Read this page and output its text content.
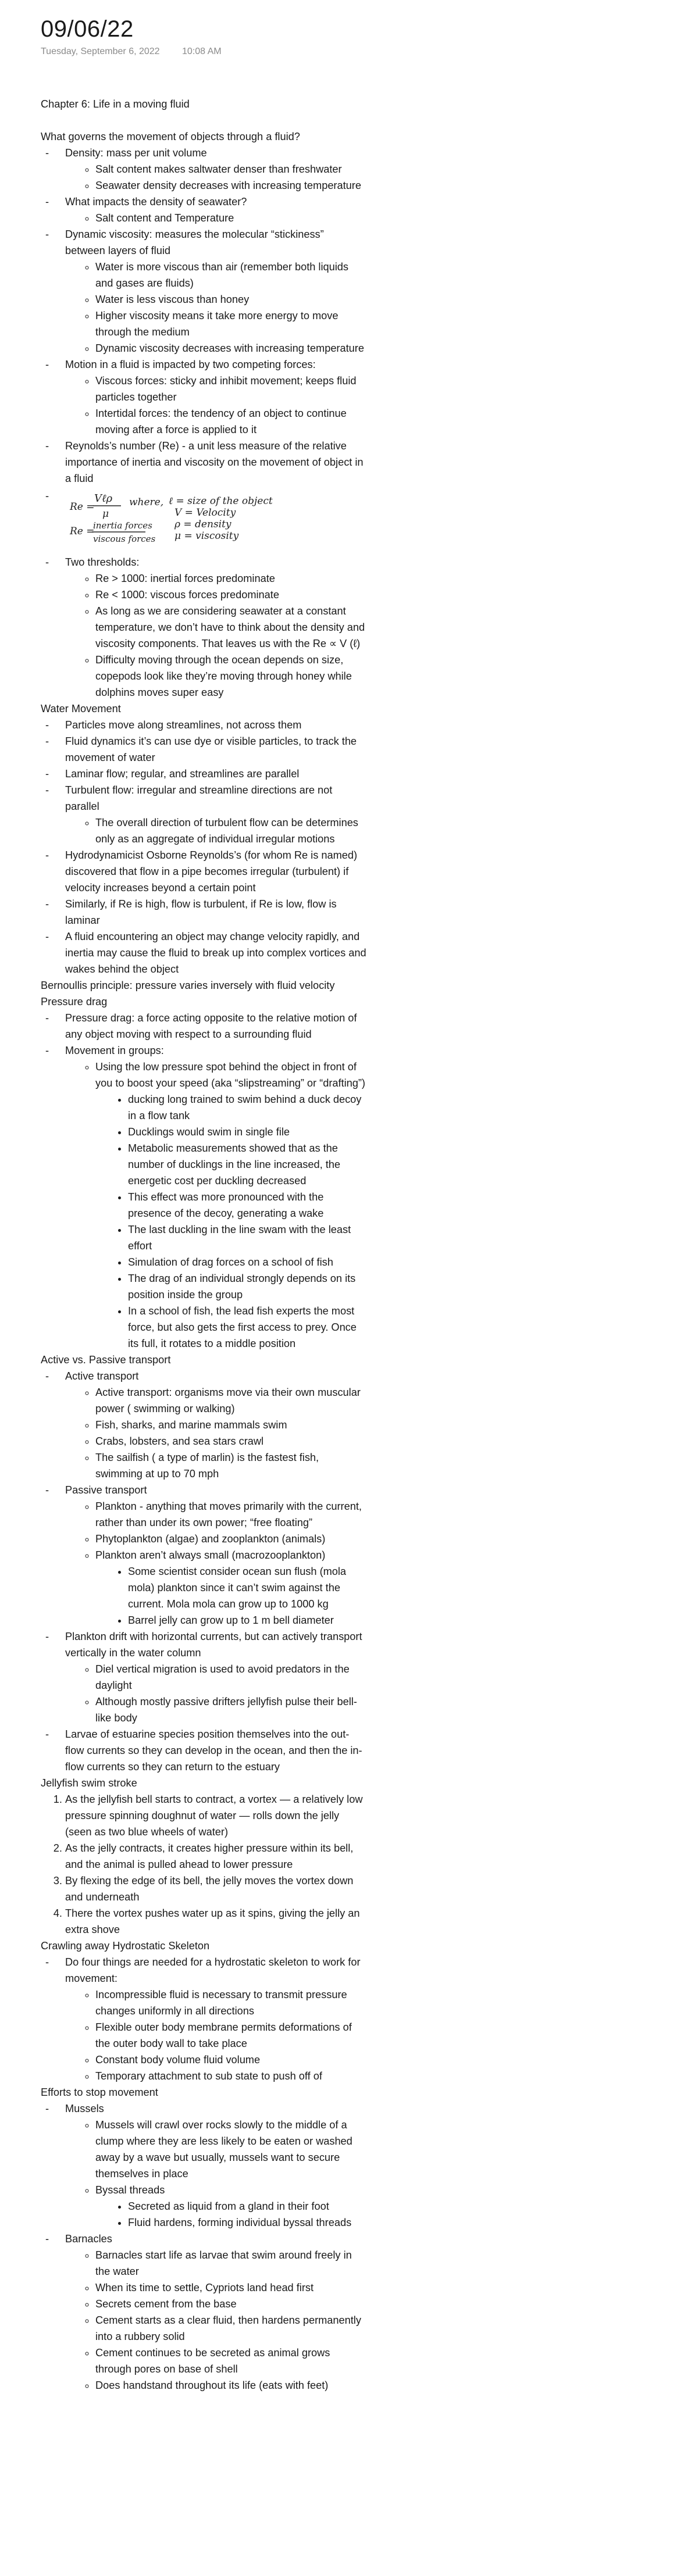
09/06/22
Tuesday, September 6, 2022 10:08 AM

Chapter 6: Life in a moving fluid

What governs the movement of objects through a fluid?

- Density: mass per unit volume
◦ Salt content makes saltwater denser than freshwater
◦ Seawater density decreases with increasing temperature
- What impacts the density of seawater?
◦ Salt content and Temperature
- Dynamic viscosity: measures the molecular “stickiness” between layers of fluid
◦ Water is more viscous than air (remember both liquids and gases are fluids)
◦ Water is less viscous than honey
◦ Higher viscosity means it take more energy to move through the medium
◦ Dynamic viscosity decreases with increasing temperature
- Motion in a fluid is impacted by two competing forces:
◦ Viscous forces: sticky and inhibit movement; keeps fluid particles together
◦ Intertidal forces: the tendency of an object to continue moving after a force is applied to it
- Reynolds’s number (Re) - a unit less measure of the relative importance of inertia and viscosity on the movement of object in a fluid
- Re =
Vℓρ
μ
where, ℓ = size of the object
V = Velocity
ρ = density
μ = viscosity
Re =
inertia forces
viscous forces
- Two thresholds:
◦ Re > 1000: inertial forces predominate
◦ Re < 1000: viscous forces predominate
◦ As long as we are considering seawater at a constant temperature, we don’t have to think about the density and viscosity components. That leaves us with the Re ∝ V (ℓ)
◦ Difficulty moving through the ocean depends on size, copepods look like they’re moving through honey while dolphins moves super easy

Water Movement

- Particles move along streamlines, not across them
- Fluid dynamics it’s can use dye or visible particles, to track the movement of water
- Laminar flow; regular, and streamlines are parallel
- Turbulent flow: irregular and streamline directions are not parallel
◦ The overall direction of turbulent flow can be determines only as an aggregate of individual irregular motions
- Hydrodynamicist Osborne Reynolds’s (for whom Re is named) discovered that flow in a pipe becomes irregular (turbulent) if velocity increases beyond a certain point
- Similarly, if Re is high, flow is turbulent, if Re is low, flow is laminar
- A fluid encountering an object may change velocity rapidly, and inertia may cause the fluid to break up into complex vortices and wakes behind the object

Bernoullis principle: pressure varies inversely with fluid velocity

Pressure drag

- Pressure drag: a force acting opposite to the relative motion of any object moving with respect to a surrounding fluid
- Movement in groups:
◦ Using the low pressure spot behind the object in front of you to boost your speed (aka “slipstreaming” or “drafting”)
• ducking long trained to swim behind a duck decoy in a flow tank
• Ducklings would swim in single file
• Metabolic measurements showed that as the number of ducklings in the line increased, the energetic cost per duckling decreased
• This effect was more pronounced with the presence of the decoy, generating a wake
• The last duckling in the line swam with the least effort
• Simulation of drag forces on a school of fish
• The drag of an individual strongly depends on its position inside the group
• In a school of fish, the lead fish experts the most force, but also gets the first access to prey. Once its full, it rotates to a middle position

Active vs. Passive transport

- Active transport
◦ Active transport: organisms move via their own muscular power ( swimming or walking)
◦ Fish, sharks, and marine mammals swim
◦ Crabs, lobsters, and sea stars crawl
◦ The sailfish ( a type of marlin) is the fastest fish, swimming at up to 70 mph
- Passive transport
◦ Plankton - anything that moves primarily with the current, rather than under its own power; “free floating”
◦ Phytoplankton (algae) and zooplankton (animals)
◦ Plankton aren’t always small (macrozooplankton)
• Some scientist consider ocean sun flush (mola mola) plankton since it can’t swim against the current. Mola mola can grow up to 1000 kg
• Barrel jelly can grow up to 1 m bell diameter
- Plankton drift with horizontal currents, but can actively transport vertically in the water column
◦ Diel vertical migration is used to avoid predators in the daylight
◦ Although mostly passive drifters jellyfish pulse their bell-like body
- Larvae of estuarine species position themselves into the out-flow currents so they can develop in the ocean, and then the in-flow currents so they can return to the estuary

Jellyfish swim stroke

1. As the jellyfish bell starts to contract, a vortex — a relatively low pressure spinning doughnut of water — rolls down the jelly (seen as two blue wheels of water)
2. As the jelly contracts, it creates higher pressure within its bell, and the animal is pulled ahead to lower pressure
3. By flexing the edge of its bell, the jelly moves the vortex down and underneath
4. There the vortex pushes water up as it spins, giving the jelly an extra shove

Crawling away Hydrostatic Skeleton

- Do four things are needed for a hydrostatic skeleton to work for movement:
◦ Incompressible fluid is necessary to transmit pressure changes uniformly in all directions
◦ Flexible outer body membrane permits deformations of the outer body wall to take place
◦ Constant body volume fluid volume
◦ Temporary attachment to sub state to push off of

Efforts to stop movement

- Mussels
◦ Mussels will crawl over rocks slowly to the middle of a clump where they are less likely to be eaten or washed away by a wave but usually, mussels want to secure themselves in place
◦ Byssal threads
• Secreted as liquid from a gland in their foot
• Fluid hardens, forming individual byssal threads
- Barnacles
◦ Barnacles start life as larvae that swim around freely in the water
◦ When its time to settle, Cypriots land head first
◦ Secrets cement from the base
◦ Cement starts as a clear fluid, then hardens permanently into a rubbery solid
◦ Cement continues to be secreted as animal grows through pores on base of shell
◦ Does handstand throughout its life (eats with feet)
